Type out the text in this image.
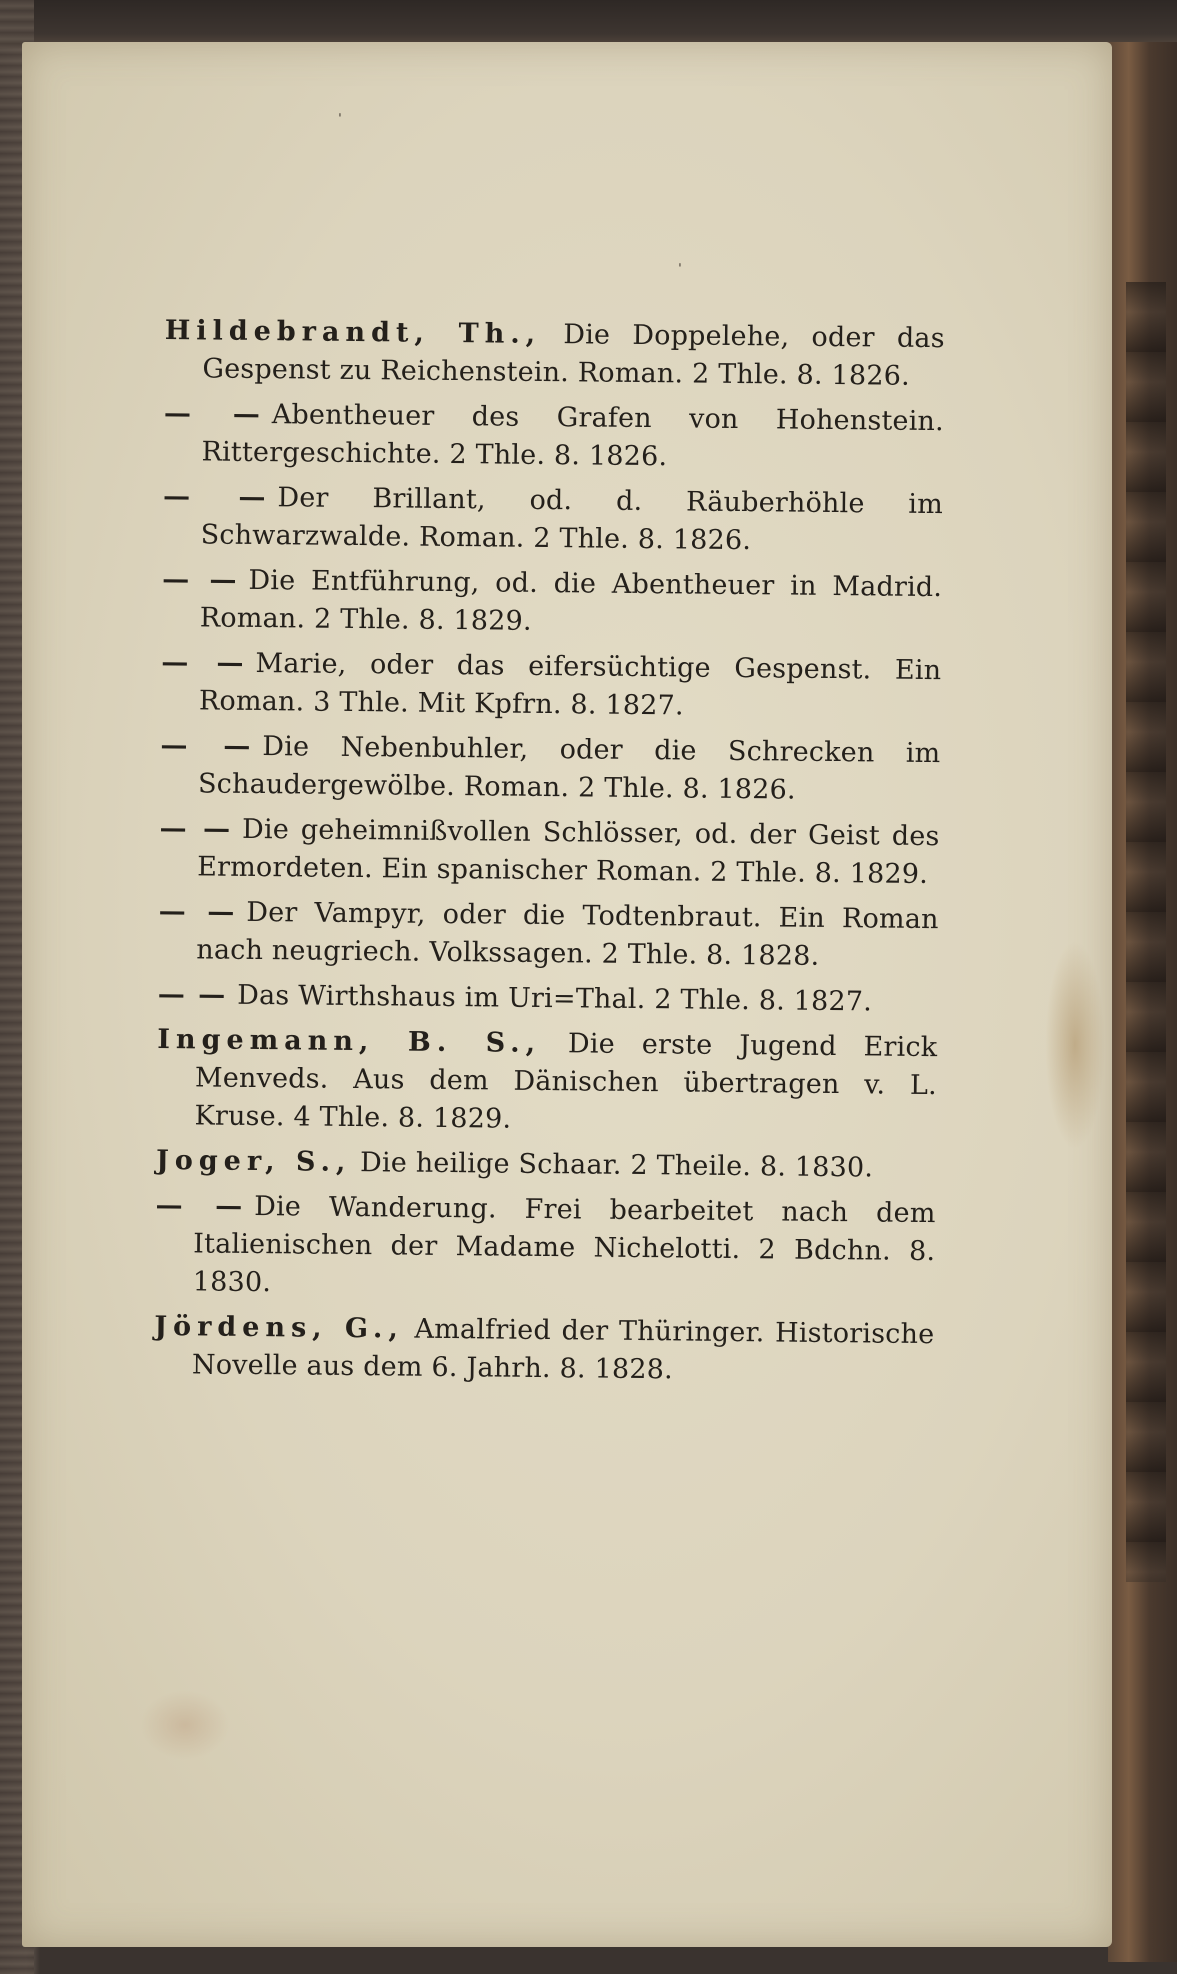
ˈ
ˈ

Hildebrandt, Th., Die Doppelehe, oder das Gespenst zu Reichenstein. Roman. 2 Thle. 8. 1826.

— — Abentheuer des Grafen von Hohenstein. Rittergeschichte. 2 Thle. 8. 1826.

— — Der Brillant, od. d. Räuberhöhle im Schwarzwalde. Roman. 2 Thle. 8. 1826.

— — Die Entführung, od. die Abentheuer in Madrid. Roman. 2 Thle. 8. 1829.

— — Marie, oder das eifersüchtige Gespenst. Ein Roman. 3 Thle. Mit Kpfrn. 8. 1827.

— — Die Nebenbuhler, oder die Schrecken im Schaudergewölbe. Roman. 2 Thle. 8. 1826.

— — Die geheimnißvollen Schlösser, od. der Geist des Ermordeten. Ein spanischer Roman. 2 Thle. 8. 1829.

— — Der Vampyr, oder die Todtenbraut. Ein Roman nach neugriech. Volkssagen. 2 Thle. 8. 1828.

— — Das Wirthshaus im Uri=Thal. 2 Thle. 8. 1827.

Ingemann, B. S., Die erste Jugend Erick Menveds. Aus dem Dänischen übertragen v. L. Kruse. 4 Thle. 8. 1829.

Joger, S., Die heilige Schaar. 2 Theile. 8. 1830.

— — Die Wanderung. Frei bearbeitet nach dem Italienischen der Madame Nichelotti. 2 Bdchn. 8. 1830.

Jördens, G., Amalfried der Thüringer. Historische Novelle aus dem 6. Jahrh. 8. 1828.
